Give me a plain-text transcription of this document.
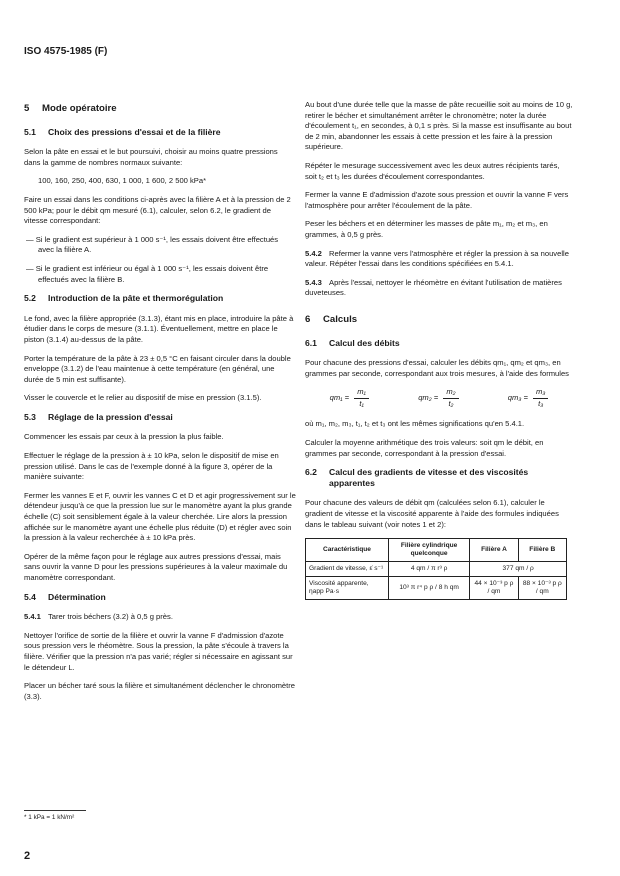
ISO 4575-1985 (F)
5 Mode opératoire
5.1 Choix des pressions d'essai et de la filière

Selon la pâte en essai et le but poursuivi, choisir au moins quatre pressions dans la gamme de nombres normaux suivante:

100, 160, 250, 400, 630, 1 000, 1 600, 2 500 kPa*

Faire un essai dans les conditions ci-après avec la filière A et à la pression de 2 500 kPa; pour le débit qm mesuré (6.1), calculer, selon 6.2, le gradient de vitesse correspondant:

— Si le gradient est supérieur à 1 000 s⁻¹, les essais doivent être effectués avec la filière A.

— Si le gradient est inférieur ou égal à 1 000 s⁻¹, les essais doivent être effectués avec la filière B.

5.2 Introduction de la pâte et thermorégulation

Le fond, avec la filière appropriée (3.1.3), étant mis en place, introduire la pâte à étudier dans le corps de mesure (3.1.1). Éventuellement, mettre en place le piston (3.1.4) au-dessus de la pâte.

Porter la température de la pâte à 23 ± 0,5 °C en faisant circuler dans la double enveloppe (3.1.2) de l'eau maintenue à cette température (en général, une durée de 5 min est suffisante).

Visser le couvercle et le relier au dispositif de mise en pression (3.1.5).

5.3 Réglage de la pression d'essai

Commencer les essais par ceux à la pression la plus faible.

Effectuer le réglage de la pression à ± 10 kPa, selon le dispositif de mise en pression utilisé. Dans le cas de l'exemple donné à la figure 3, opérer de la manière suivante:

Fermer les vannes E et F, ouvrir les vannes C et D et agir progressivement sur le détendeur jusqu'à ce que la pression lue sur le manomètre ayant la plus grande échelle (C) soit sensiblement égale à la valeur cherchée. Lire alors la pression affichée sur le manomètre ayant une échelle plus réduite (D) et régler avec soin la pression à la valeur recherchée à ± 10 kPa près.

Opérer de la même façon pour le réglage aux autres pressions d'essai, mais sans ouvrir la vanne D pour les pressions supérieures à la valeur maximale du manomètre correspondant.

5.4 Détermination

5.4.1 Tarer trois béchers (3.2) à 0,5 g près.

Nettoyer l'orifice de sortie de la filière et ouvrir la vanne F d'admission d'azote sous pression vers le rhéomètre. Sous la pression, la pâte s'écoule à travers la filière. Vérifier que la pression n'a pas varié; régler si nécessaire en agissant sur le détendeur L.

Placer un bécher taré sous la filière et simultanément déclencher le chronomètre (3.3).

Au bout d'une durée telle que la masse de pâte recueillie soit au moins de 10 g, retirer le bécher et simultanément arrêter le chronomètre; noter la durée d'écoulement t₁, en secondes, à 0,1 s près. Si la masse est insuffisante au bout de 2 min, abandonner les essais à cette pression et les faire à la pression supérieure.

Répéter le mesurage successivement avec les deux autres récipients tarés, soit t₂ et t₃ les durées d'écoulement correspondantes.

Fermer la vanne E d'admission d'azote sous pression et ouvrir la vanne F vers l'atmosphère pour arrêter l'écoulement de la pâte.

Peser les béchers et en déterminer les masses de pâte m₁, m₂ et m₃, en grammes, à 0,5 g près.

5.4.2 Refermer la vanne vers l'atmosphère et régler la pression à sa nouvelle valeur. Répéter l'essai dans les conditions spécifiées en 5.4.1.

5.4.3 Après l'essai, nettoyer le rhéomètre en évitant l'utilisation de matières duveteuses.

6 Calculs
6.1 Calcul des débits

Pour chacune des pressions d'essai, calculer les débits qm₁, qm₂ et qm₃, en grammes par seconde, correspondant aux trois mesures, à l'aide des formules

$qm_1 = \frac{\text{m₁}}{\text{t₁}}$	$qm_2 = \frac{\text{m₂}}{\text{t₂}}$	$qm_3 = \frac{\text{m₃}}{\text{t₃}}$

où m₁, m₂, m₃, t₁, t₂ et t₃ ont les mêmes significations qu'en 5.4.1.

Calculer la moyenne arithmétique des trois valeurs: soit qm le débit, en grammes par seconde, correspondant à la pression d'essai.

6.2	Calcul des gradients de vitesse et des viscosités apparentes

Pour chacune des valeurs de débit qm (calculées selon 6.1), calculer le gradient de vitesse et la viscosité apparente à l'aide des formules indiquées dans le tableau suivant (voir notes 1 et 2):

Caractéristique	Filière cylindrique quelconque	Filière A	Filière B
Gradient de vitesse, ε̇ s⁻¹	4 qm / π r³ ρ	377 qm / ρ	
Viscosité apparente, ηapp Pa·s	10³ π r⁴ p ρ / 8 h qm	44 × 10⁻³ p ρ / qm	88 × 10⁻³ p ρ / qm
* 1 kPa = 1 kN/m²
2
